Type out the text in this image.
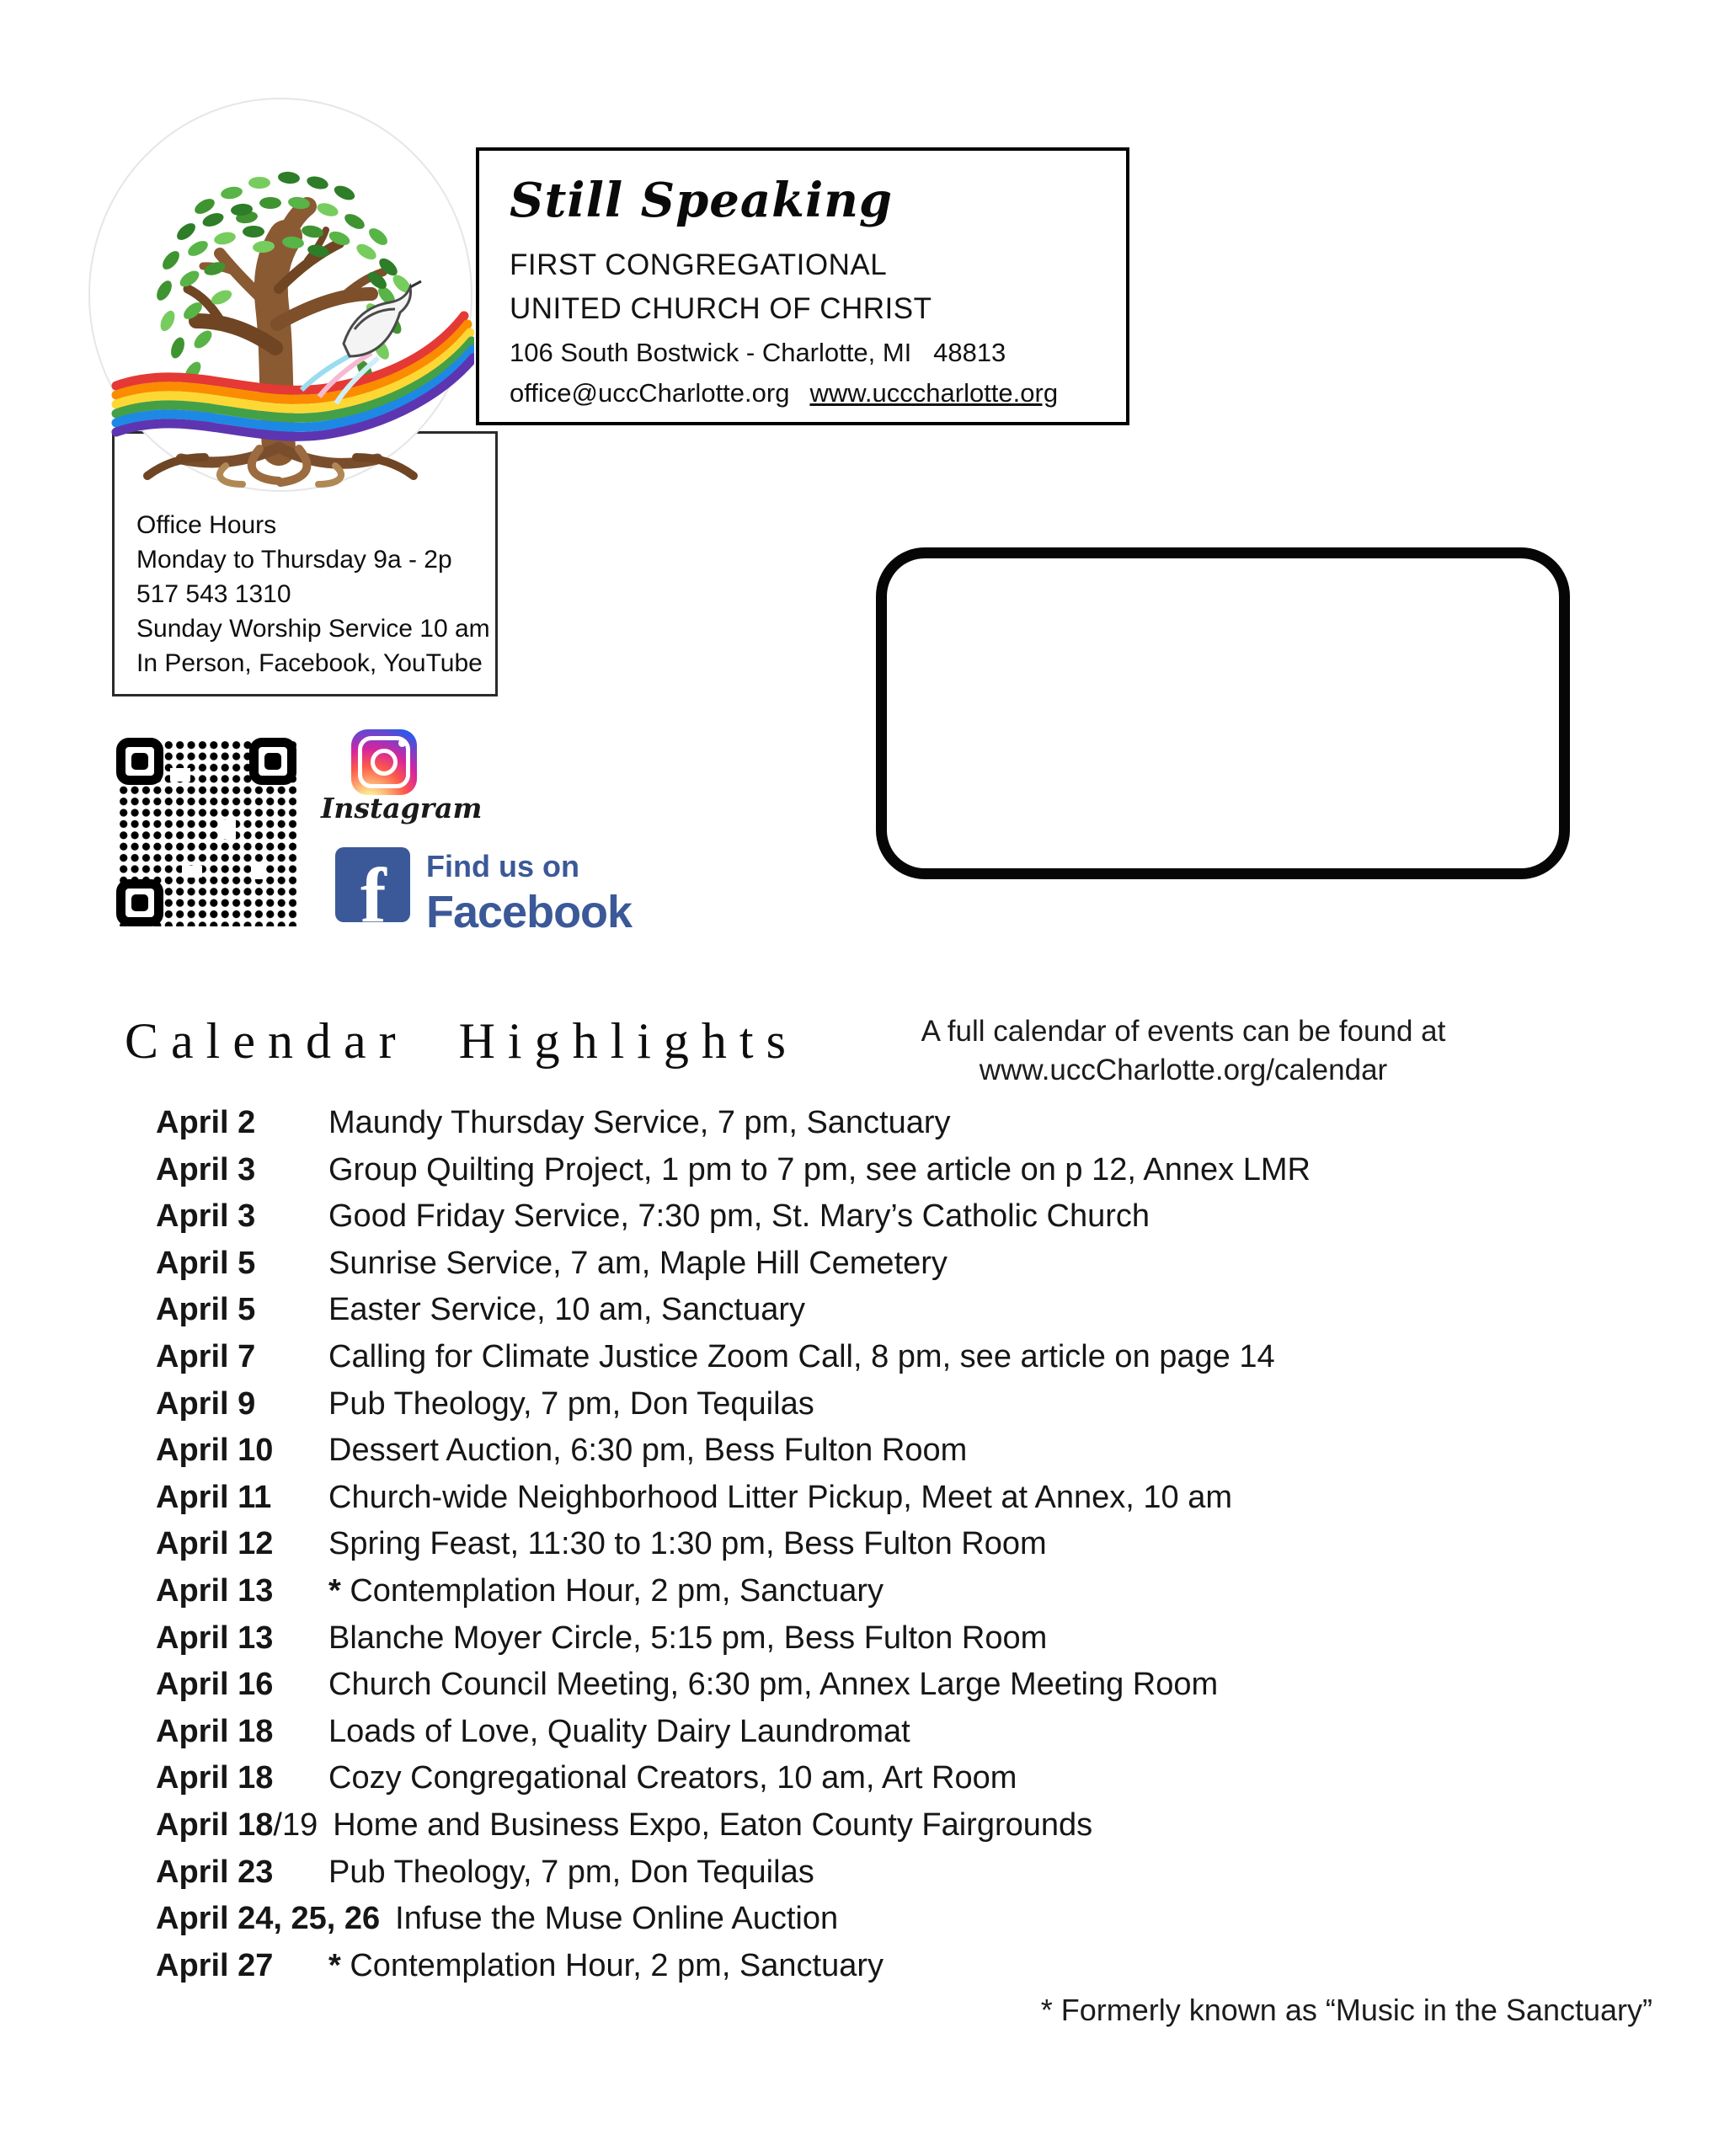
Still Speaking
FIRST CONGREGATIONAL
UNITED CHURCH OF CHRIST
106 South Bostwick - Charlotte, MI   48813
office@uccCharlotte.org www.ucccharlotte.org
Office Hours
Monday to Thursday 9a - 2p
517 543 1310
Sunday Worship Service 10 am
In Person, Facebook, YouTube
Instagram
f Find us on
Facebook
Calendar Highlights	A full calendar of events can be found at
www.uccCharlotte.org/calendar
April 2	Maundy Thursday Service, 7 pm, Sanctuary
April 3	Group Quilting Project, 1 pm to 7 pm, see article on p 12, Annex LMR
April 3	Good Friday Service, 7:30 pm, St. Mary’s Catholic Church
April 5	Sunrise Service, 7 am, Maple Hill Cemetery
April 5	Easter Service, 10 am, Sanctuary
April 7	Calling for Climate Justice Zoom Call, 8 pm, see article on page 14
April 9	Pub Theology, 7 pm, Don Tequilas
April 10	Dessert Auction, 6:30 pm, Bess Fulton Room
April 11	Church-wide Neighborhood Litter Pickup, Meet at Annex, 10 am
April 12	Spring Feast, 11:30 to 1:30 pm, Bess Fulton Room
April 13	* Contemplation Hour, 2 pm, Sanctuary
April 13	Blanche Moyer Circle, 5:15 pm, Bess Fulton Room
April 16	Church Council Meeting, 6:30 pm, Annex Large Meeting Room
April 18	Loads of Love, Quality Dairy Laundromat
April 18	Cozy Congregational Creators, 10 am, Art Room
April 18/19 Home and Business Expo, Eaton County Fairgrounds
April 23	Pub Theology, 7 pm, Don Tequilas
April 24, 25, 26 Infuse the Muse Online Auction
April 27	* Contemplation Hour, 2 pm, Sanctuary
* Formerly known as “Music in the Sanctuary”
